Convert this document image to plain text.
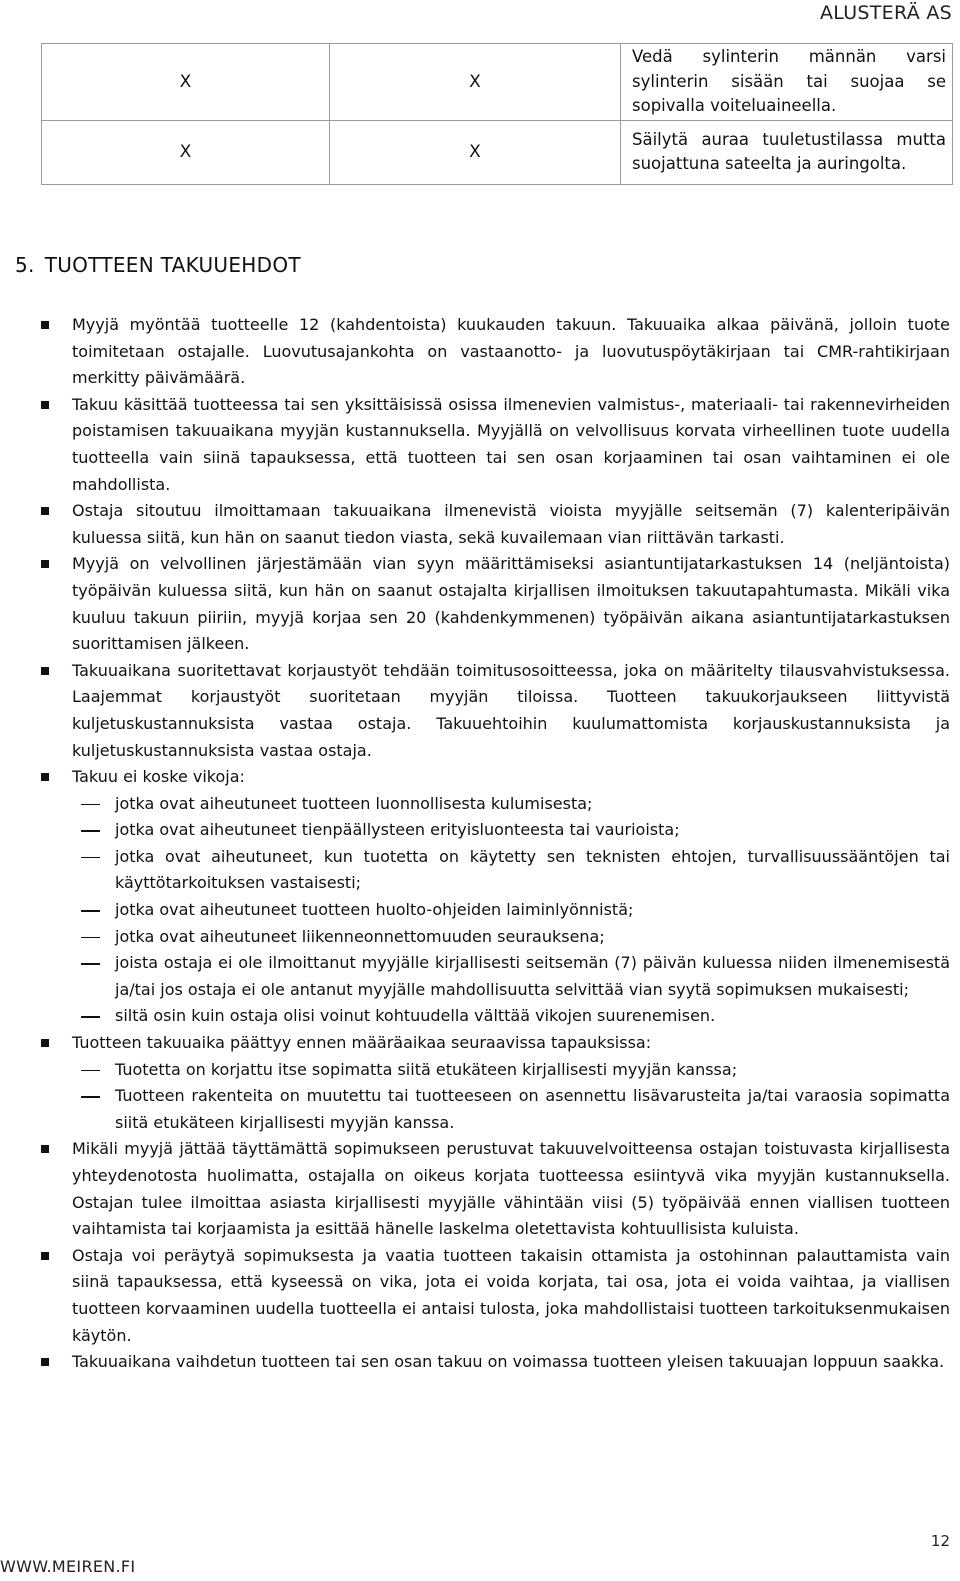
ALUSTERÄ AS
X	X	Vedä sylinterin männän varsi sylinterin sisään tai suojaa se sopivalla voiteluaineella.

X	X	Säilytä auraa tuuletustilassa mutta suojattuna sateelta ja auringolta.
5. TUOTTEEN TAKUUEHDOT
Myyjä myöntää tuotteelle 12 (kahdentoista) kuukauden takuun. Takuuaika alkaa päivänä, jolloin tuote toimitetaan ostajalle. Luovutusajankohta on vastaanotto- ja luovutuspöytäkirjaan tai CMR-rahtikirjaan merkitty päivämäärä.
Takuu käsittää tuotteessa tai sen yksittäisissä osissa ilmenevien valmistus-, materiaali- tai rakennevirheiden poistamisen takuuaikana myyjän kustannuksella. Myyjällä on velvollisuus korvata virheellinen tuote uudella tuotteella vain siinä tapauksessa, että tuotteen tai sen osan korjaaminen tai osan vaihtaminen ei ole mahdollista.
Ostaja sitoutuu ilmoittamaan takuuaikana ilmenevistä vioista myyjälle seitsemän (7) kalenteripäivän kuluessa siitä, kun hän on saanut tiedon viasta, sekä kuvailemaan vian riittävän tarkasti.
Myyjä on velvollinen järjestämään vian syyn määrittämiseksi asiantuntijatarkastuksen 14 (neljäntoista) työpäivän kuluessa siitä, kun hän on saanut ostajalta kirjallisen ilmoituksen takuutapahtumasta. Mikäli vika kuuluu takuun piiriin, myyjä korjaa sen 20 (kahdenkymmenen) työpäivän aikana asiantuntijatarkastuksen suorittamisen jälkeen.
Takuuaikana suoritettavat korjaustyöt tehdään toimitusosoitteessa, joka on määritelty tilausvahvistuksessa. Laajemmat korjaustyöt suoritetaan myyjän tiloissa. Tuotteen takuukorjaukseen liittyvistä kuljetuskustannuksista vastaa ostaja. Takuuehtoihin kuulumattomista korjauskustannuksista ja kuljetuskustannuksista vastaa ostaja.
Takuu ei koske vikoja:
jotka ovat aiheutuneet tuotteen luonnollisesta kulumisesta;
jotka ovat aiheutuneet tienpäällysteen erityisluonteesta tai vaurioista;
jotka ovat aiheutuneet, kun tuotetta on käytetty sen teknisten ehtojen, turvallisuussääntöjen tai käyttötarkoituksen vastaisesti;
jotka ovat aiheutuneet tuotteen huolto-ohjeiden laiminlyönnistä;
jotka ovat aiheutuneet liikenneonnettomuuden seurauksena;
joista ostaja ei ole ilmoittanut myyjälle kirjallisesti seitsemän (7) päivän kuluessa niiden ilmenemisestä ja/tai jos ostaja ei ole antanut myyjälle mahdollisuutta selvittää vian syytä sopimuksen mukaisesti;
siltä osin kuin ostaja olisi voinut kohtuudella välttää vikojen suurenemisen.
Tuotteen takuuaika päättyy ennen määräaikaa seuraavissa tapauksissa:
Tuotetta on korjattu itse sopimatta siitä etukäteen kirjallisesti myyjän kanssa;
Tuotteen rakenteita on muutettu tai tuotteeseen on asennettu lisävarusteita ja/tai varaosia sopimatta siitä etukäteen kirjallisesti myyjän kanssa.
Mikäli myyjä jättää täyttämättä sopimukseen perustuvat takuuvelvoitteensa ostajan toistuvasta kirjallisesta yhteydenotosta huolimatta, ostajalla on oikeus korjata tuotteessa esiintyvä vika myyjän kustannuksella. Ostajan tulee ilmoittaa asiasta kirjallisesti myyjälle vähintään viisi (5) työpäivää ennen viallisen tuotteen vaihtamista tai korjaamista ja esittää hänelle laskelma oletettavista kohtuullisista kuluista.
Ostaja voi peräytyä sopimuksesta ja vaatia tuotteen takaisin ottamista ja ostohinnan palauttamista vain siinä tapauksessa, että kyseessä on vika, jota ei voida korjata, tai osa, jota ei voida vaihtaa, ja viallisen tuotteen korvaaminen uudella tuotteella ei antaisi tulosta, joka mahdollistaisi tuotteen tarkoituksenmukaisen käytön.
Takuuaikana vaihdetun tuotteen tai sen osan takuu on voimassa tuotteen yleisen takuuajan loppuun saakka.
12
WWW.MEIREN.FI
